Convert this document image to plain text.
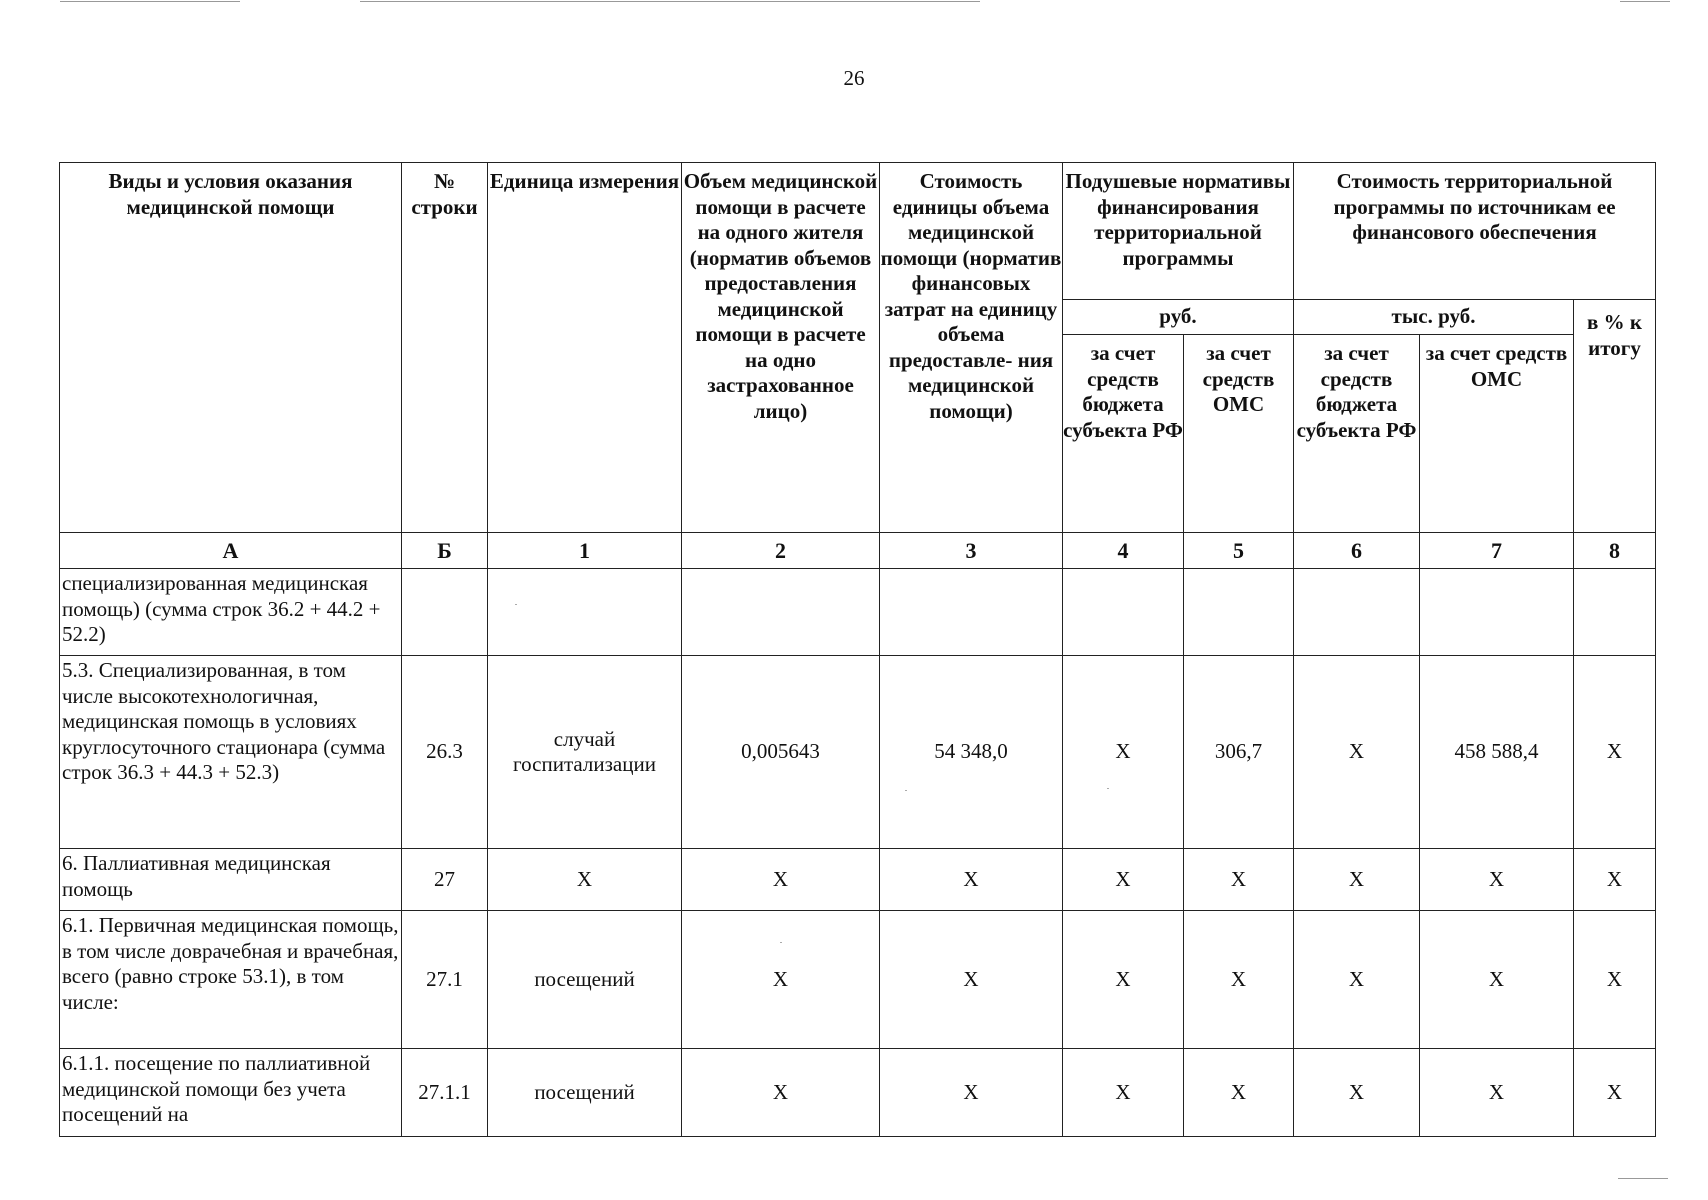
26
Виды и условия оказания медицинской помощи	№ строки	Единица измерения	Объем медицинской помощи в расчете на одного жителя (норматив объемов предоставления медицинской помощи в расчете на одно застрахованное лицо)	Стоимость единицы объема медицинской помощи (норматив финансовых затрат на единицу объема предоставле- ния медицинской помощи)	Подушевые нормативы финансирования территориальной программы		Стоимость территориальной программы по источникам ее финансового обеспечения		
					руб.		тыс. руб.		в % к итогу
					за счет средств бюджета субъекта РФ	за счет средств ОМС	за счет средств бюджета субъекта РФ	за счет средств ОМС	
А	Б	1	2	3	4	5	6	7	8
специализированная медицинская помощь) (сумма строк 36.2 + 44.2 + 52.2)									
5.3. Специализированная, в том числе высокотехнологичная, медицинская помощь в условиях круглосуточного стационара (сумма строк 36.3 + 44.3 + 52.3)	26.3	случай госпитализации	0,005643	54 348,0	X	306,7	X	458 588,4	X
6. Паллиативная медицинская помощь	27	X	X	X	X	X	X	X	X
6.1. Первичная медицинская помощь, в том числе доврачебная и врачебная, всего (равно строке 53.1), в том числе:	27.1	посещений	X	X	X	X	X	X	X
6.1.1. посещение по паллиативной медицинской помощи без учета посещений на	27.1.1	посещений	X	X	X	X	X	X	X
